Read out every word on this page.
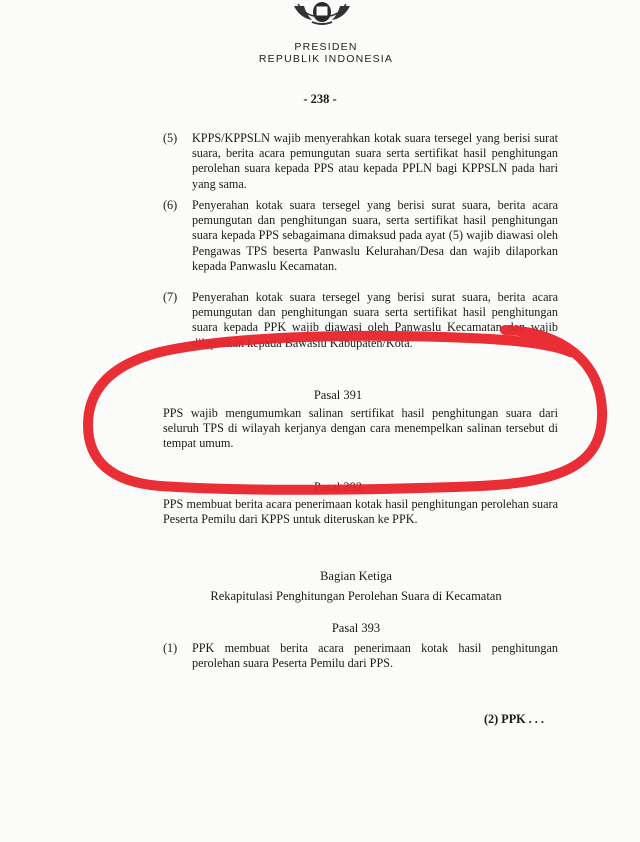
PRESIDEN
REPUBLIK INDONESIA
- 238 -
(5) KPPS/KPPSLN wajib menyerahkan kotak suara tersegel yang berisi surat suara, berita acara pemungutan suara serta sertifikat hasil penghitungan perolehan suara kepada PPS atau kepada PPLN bagi KPPSLN pada hari yang sama.
(6) Penyerahan kotak suara tersegel yang berisi surat suara, berita acara pemungutan dan penghitungan suara, serta sertifikat hasil penghitungan suara kepada PPS sebagaimana dimaksud pada ayat (5) wajib diawasi oleh Pengawas TPS beserta Panwaslu Kelurahan/Desa dan wajib dilaporkan kepada Panwaslu Kecamatan.
(7) Penyerahan kotak suara tersegel yang berisi surat suara, berita acara pemungutan dan penghitungan suara serta sertifikat hasil penghitungan suara kepada PPK wajib diawasi oleh Panwaslu Kecamatan dan wajib dilaporkan kepada Bawaslu Kabupaten/Kota.
Pasal 391
PPS wajib mengumumkan salinan sertifikat hasil penghitungan suara dari seluruh TPS di wilayah kerjanya dengan cara menempelkan salinan tersebut di tempat umum.
Pasal 392
PPS membuat berita acara penerimaan kotak hasil penghitungan perolehan suara Peserta Pemilu dari KPPS untuk diteruskan ke PPK.
Bagian Ketiga
Rekapitulasi Penghitungan Perolehan Suara di Kecamatan
Pasal 393
(1) PPK membuat berita acara penerimaan kotak hasil penghitungan perolehan suara Peserta Pemilu dari PPS.
(2) PPK . . .
